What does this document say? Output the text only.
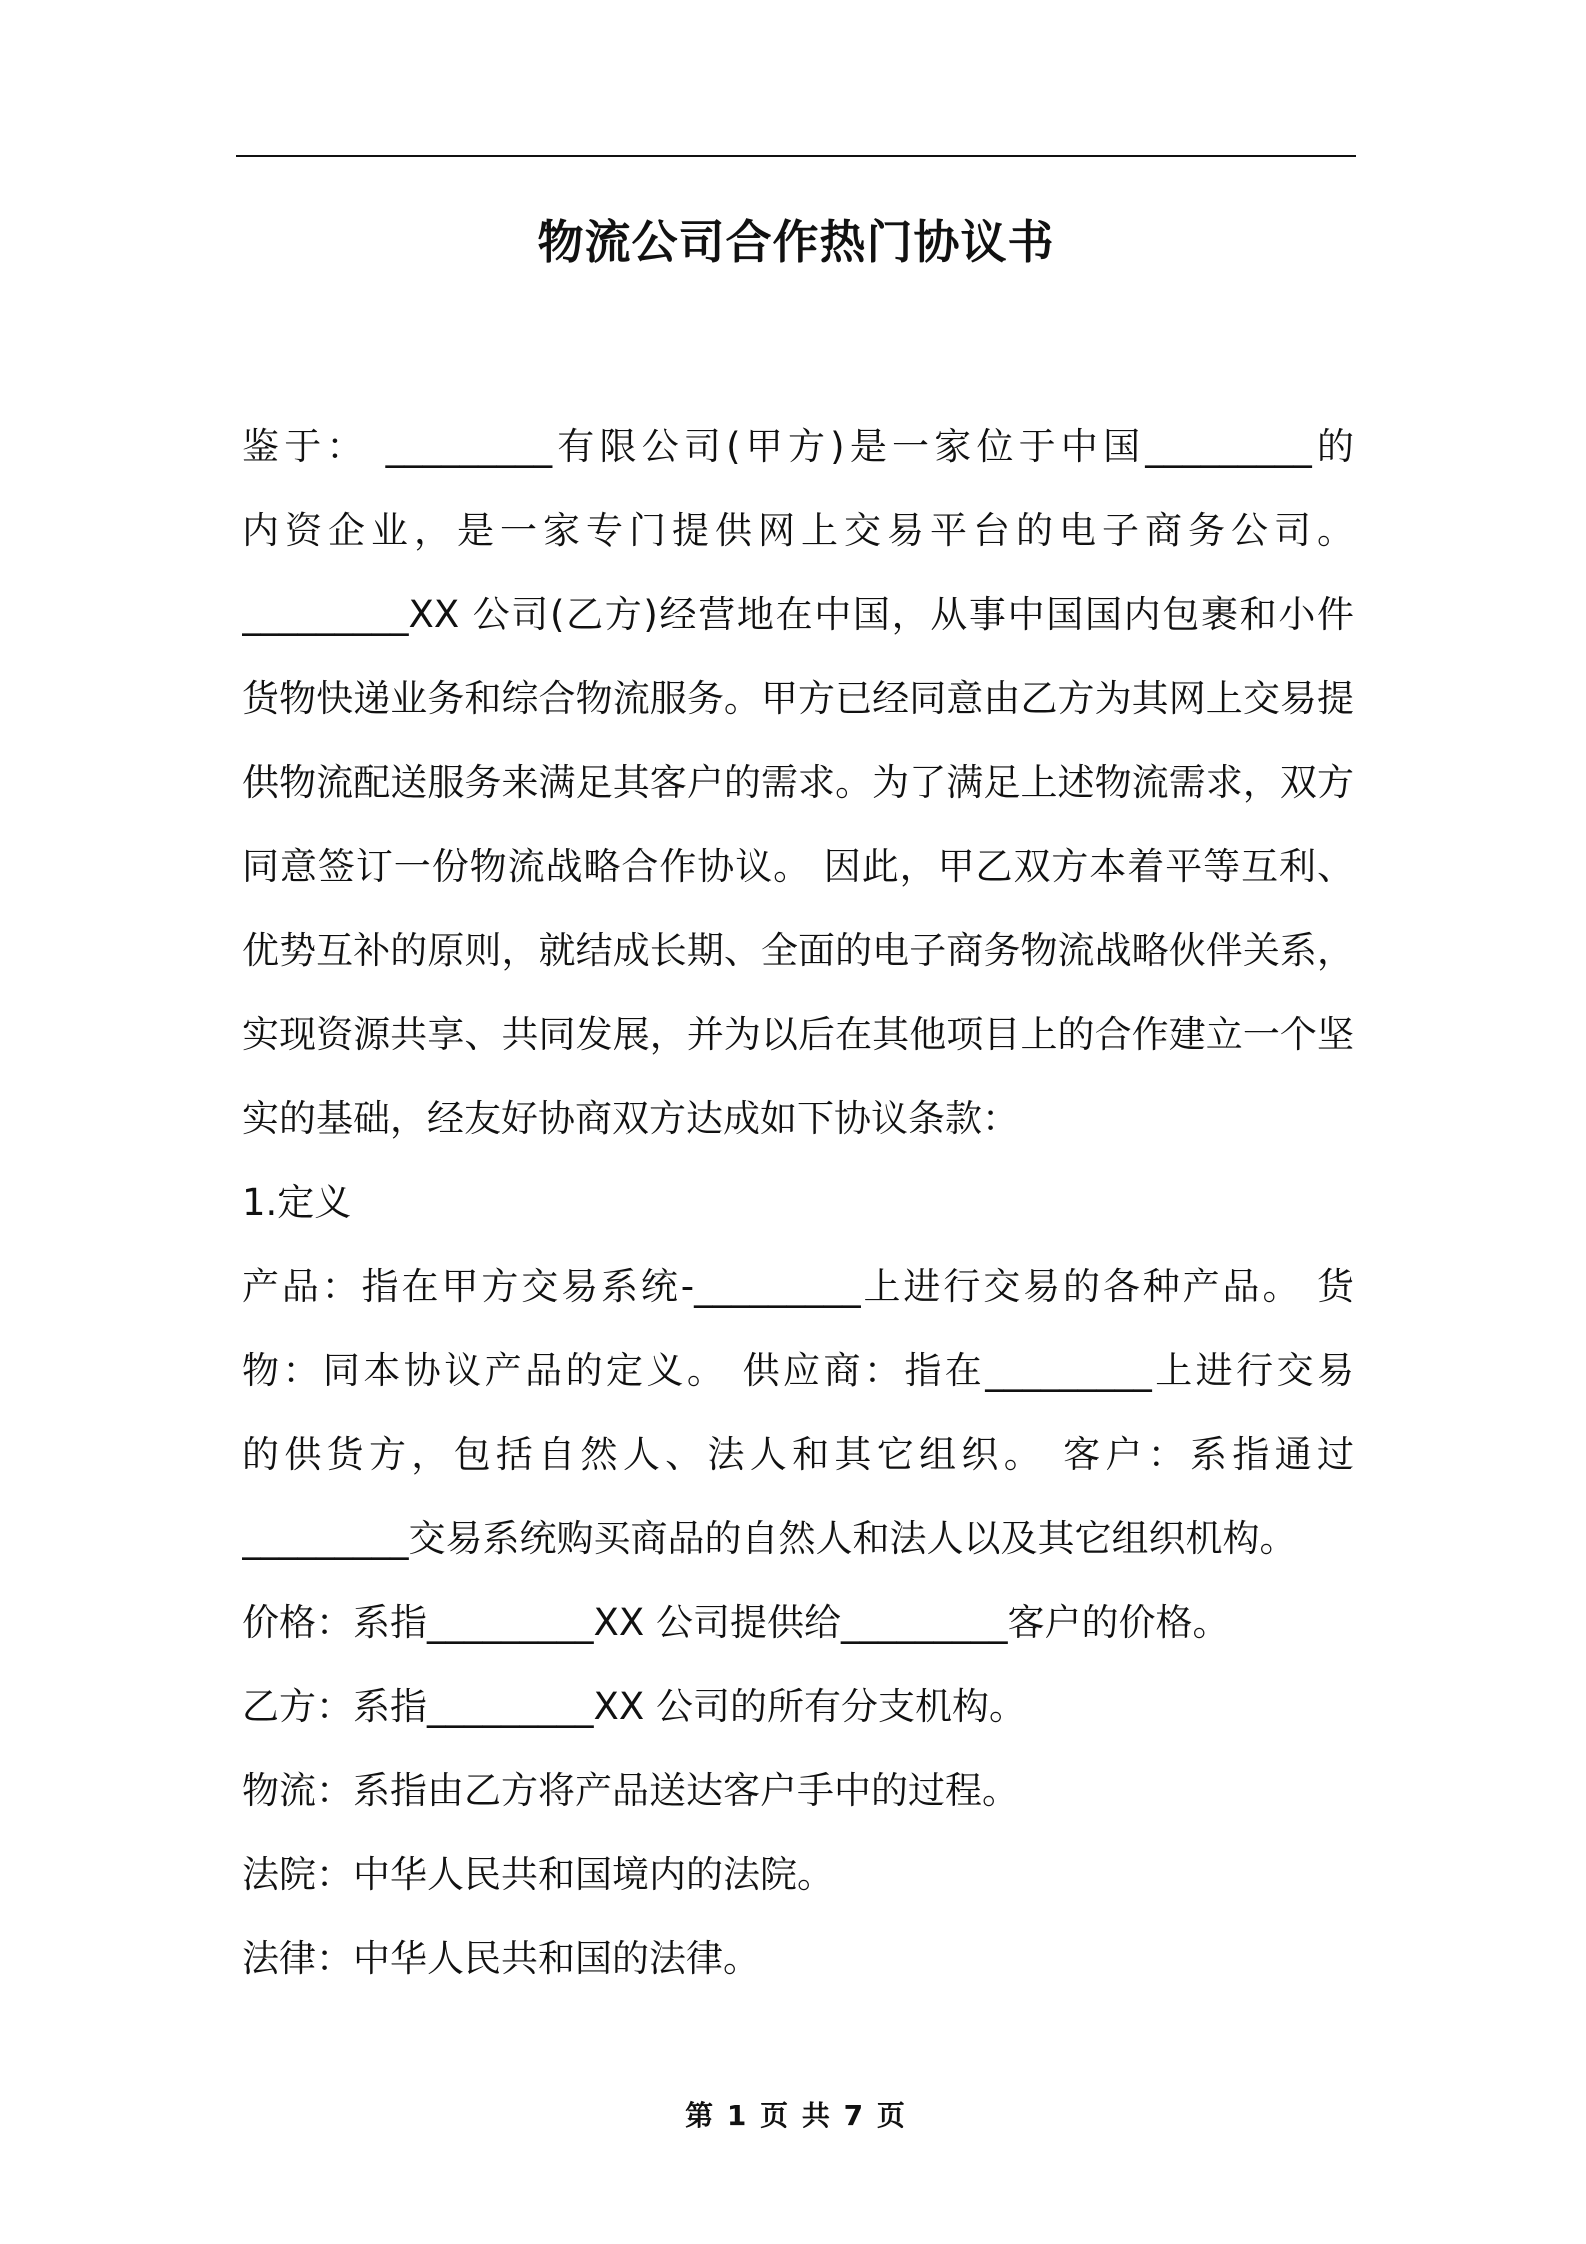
物流公司合作热门协议书
鉴于： _________有限公司(甲方)是一家位于中国_________的
内资企业，是一家专门提供网上交易平台的电子商务公司。
_________XX 公司(乙方)经营地在中国，从事中国国内包裹和小件
货物快递业务和综合物流服务。甲方已经同意由乙方为其网上交易提
供物流配送服务来满足其客户的需求。为了满足上述物流需求，双方
同意签订一份物流战略合作协议。 因此，甲乙双方本着平等互利、
优势互补的原则，就结成长期、全面的电子商务物流战略伙伴关系，
实现资源共享、共同发展，并为以后在其他项目上的合作建立一个坚
实的基础，经友好协商双方达成如下协议条款：
1.定义
产品：指在甲方交易系统-_________上进行交易的各种产品。 货
物：同本协议产品的定义。 供应商：指在_________上进行交易
的供货方，包括自然人、法人和其它组织。 客户：系指通过
_________交易系统购买商品的自然人和法人以及其它组织机构。
价格：系指_________XX 公司提供给_________客户的价格。
乙方：系指_________XX 公司的所有分支机构。
物流：系指由乙方将产品送达客户手中的过程。
法院：中华人民共和国境内的法院。
法律：中华人民共和国的法律。
第 1 页 共 7 页
